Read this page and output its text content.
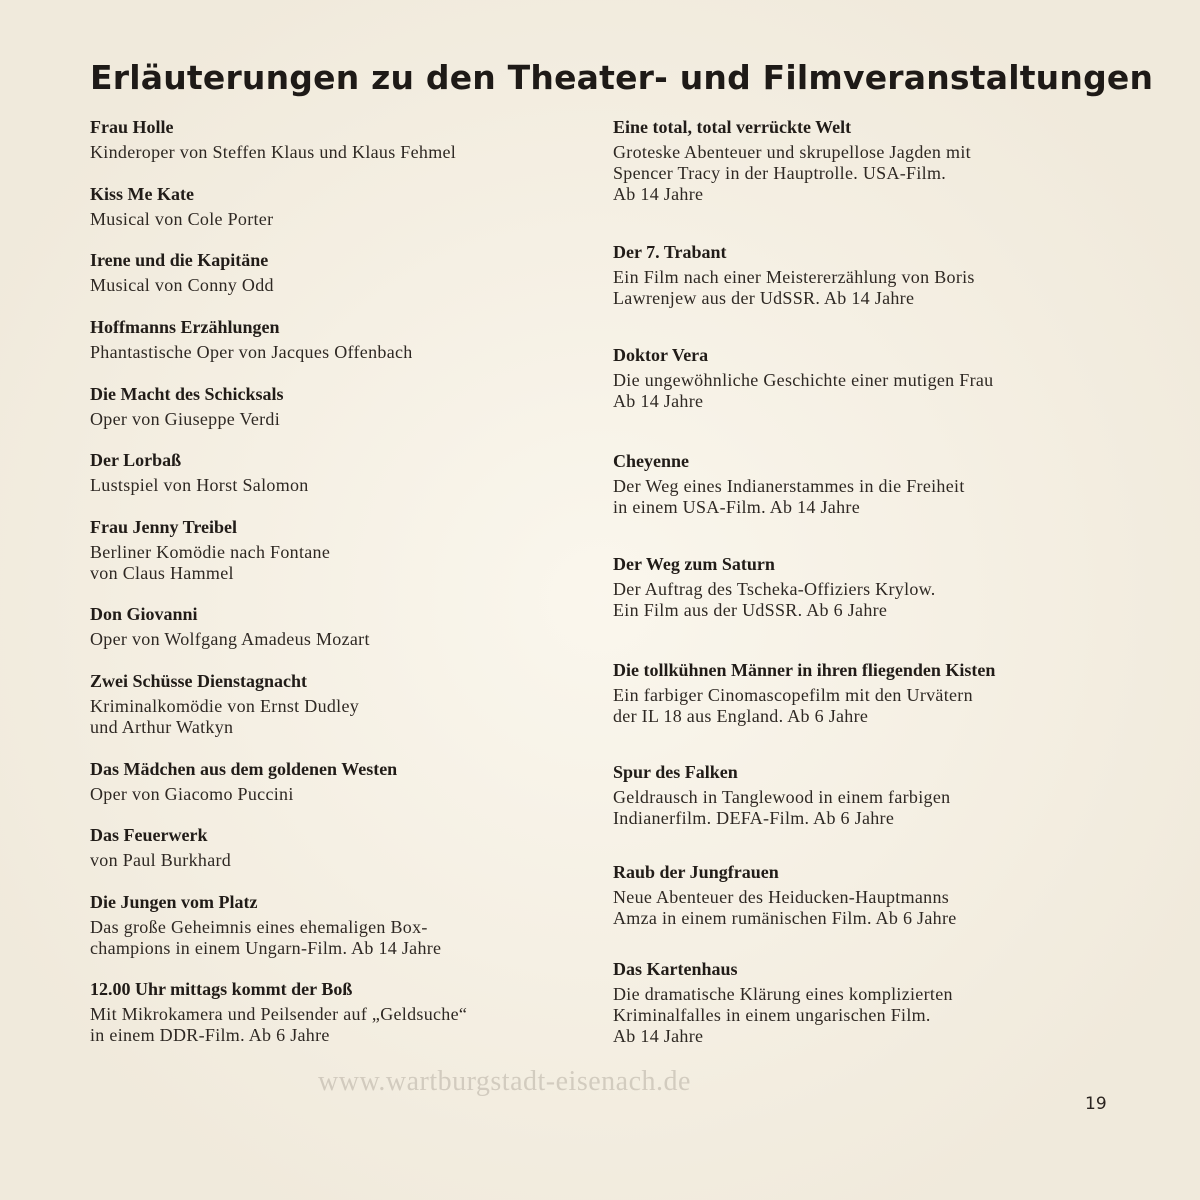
Erläuterungen zu den Theater- und Filmveranstaltungen
Frau Holle
Kinderoper von Steffen Klaus und Klaus Fehmel
Kiss Me Kate
Musical von Cole Porter
Irene und die Kapitäne
Musical von Conny Odd
Hoffmanns Erzählungen
Phantastische Oper von Jacques Offenbach
Die Macht des Schicksals
Oper von Giuseppe Verdi
Der Lorbaß
Lustspiel von Horst Salomon
Frau Jenny Treibel
Berliner Komödie nach Fontane
von Claus Hammel
Don Giovanni
Oper von Wolfgang Amadeus Mozart
Zwei Schüsse Dienstagnacht
Kriminalkomödie von Ernst Dudley
und Arthur Watkyn
Das Mädchen aus dem goldenen Westen
Oper von Giacomo Puccini
Das Feuerwerk
von Paul Burkhard
Die Jungen vom Platz
Das große Geheimnis eines ehemaligen Box-
champions in einem Ungarn-Film. Ab 14 Jahre
12.00 Uhr mittags kommt der Boß
Mit Mikrokamera und Peilsender auf „Geldsuche“
in einem DDR-Film. Ab 6 Jahre
Eine total, total verrückte Welt
Groteske Abenteuer und skrupellose Jagden mit
Spencer Tracy in der Hauptrolle. USA-Film.
Ab 14 Jahre
Der 7. Trabant
Ein Film nach einer Meistererzählung von Boris
Lawrenjew aus der UdSSR. Ab 14 Jahre
Doktor Vera
Die ungewöhnliche Geschichte einer mutigen Frau
Ab 14 Jahre
Cheyenne
Der Weg eines Indianerstammes in die Freiheit
in einem USA-Film. Ab 14 Jahre
Der Weg zum Saturn
Der Auftrag des Tscheka-Offiziers Krylow.
Ein Film aus der UdSSR. Ab 6 Jahre
Die tollkühnen Männer in ihren fliegenden Kisten
Ein farbiger Cinomascopefilm mit den Urvätern
der IL 18 aus England. Ab 6 Jahre
Spur des Falken
Geldrausch in Tanglewood in einem farbigen
Indianerfilm. DEFA-Film. Ab 6 Jahre
Raub der Jungfrauen
Neue Abenteuer des Heiducken-Hauptmanns
Amza in einem rumänischen Film. Ab 6 Jahre
Das Kartenhaus
Die dramatische Klärung eines komplizierten
Kriminalfalles in einem ungarischen Film.
Ab 14 Jahre
www.wartburgstadt-eisenach.de
19
